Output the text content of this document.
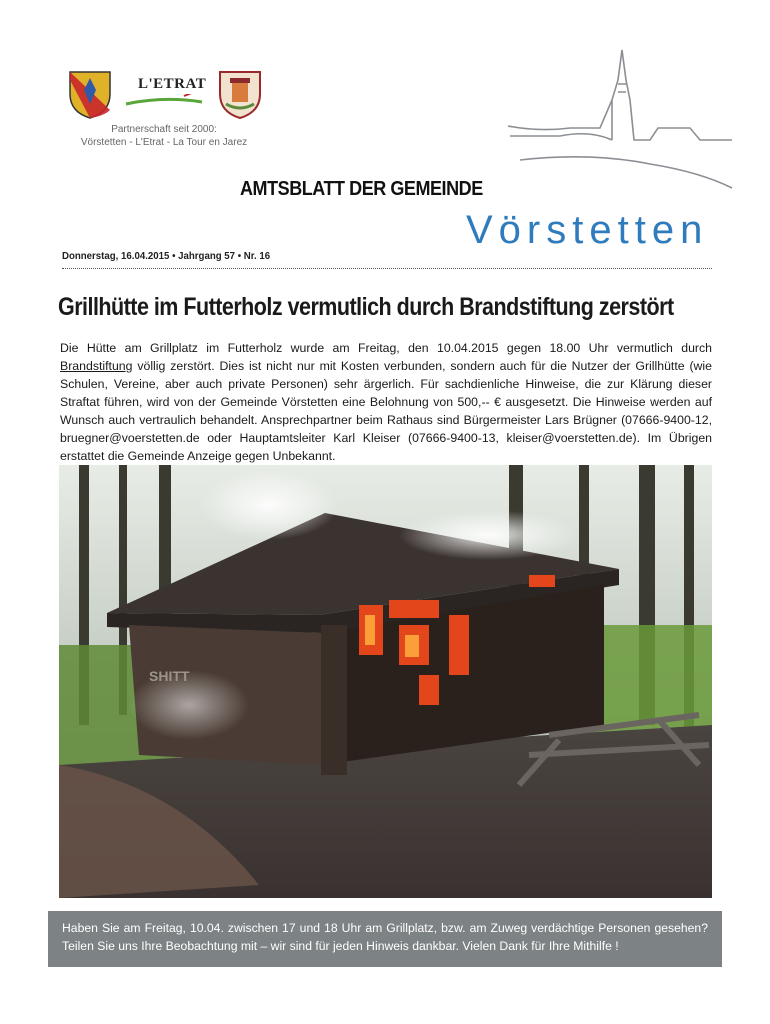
L'ETRAT
Partnerschaft seit 2000:
Vörstetten - L'Etrat - La Tour en Jarez
AMTSBLATT DER GEMEINDE
Vörstetten
Donnerstag, 16.04.2015 • Jahrgang 57 • Nr. 16
Grillhütte im Futterholz vermutlich durch Brandstiftung zerstört

Die Hütte am Grillplatz im Futterholz wurde am Freitag, den 10.04.2015 gegen 18.00 Uhr vermutlich durch Brandstiftung völlig zerstört. Dies ist nicht nur mit Kosten verbunden, sondern auch für die Nutzer der Grillhütte (wie Schulen, Vereine, aber auch private Personen) sehr ärgerlich. Für sachdienliche Hinweise, die zur Klärung dieser Straftat führen, wird von der Gemeinde Vörstetten eine Belohnung von 500,-- € ausgesetzt. Die Hinweise werden auf Wunsch auch vertraulich behandelt. Ansprechpartner beim Rathaus sind Bürgermeister Lars Brügner (07666-9400-12, bruegner@voerstetten.de oder Hauptamtsleiter Karl Kleiser (07666-9400-13, kleiser@voerstetten.de). Im Übrigen erstattet die Gemeinde Anzeige gegen Unbekannt.

SHITT
Haben Sie am Freitag, 10.04. zwischen 17 und 18 Uhr am Grillplatz, bzw. am Zuweg verdächtige Personen gesehen? Teilen Sie uns Ihre Beobachtung mit – wir sind für jeden Hinweis dankbar. Vielen Dank für Ihre Mithilfe !
